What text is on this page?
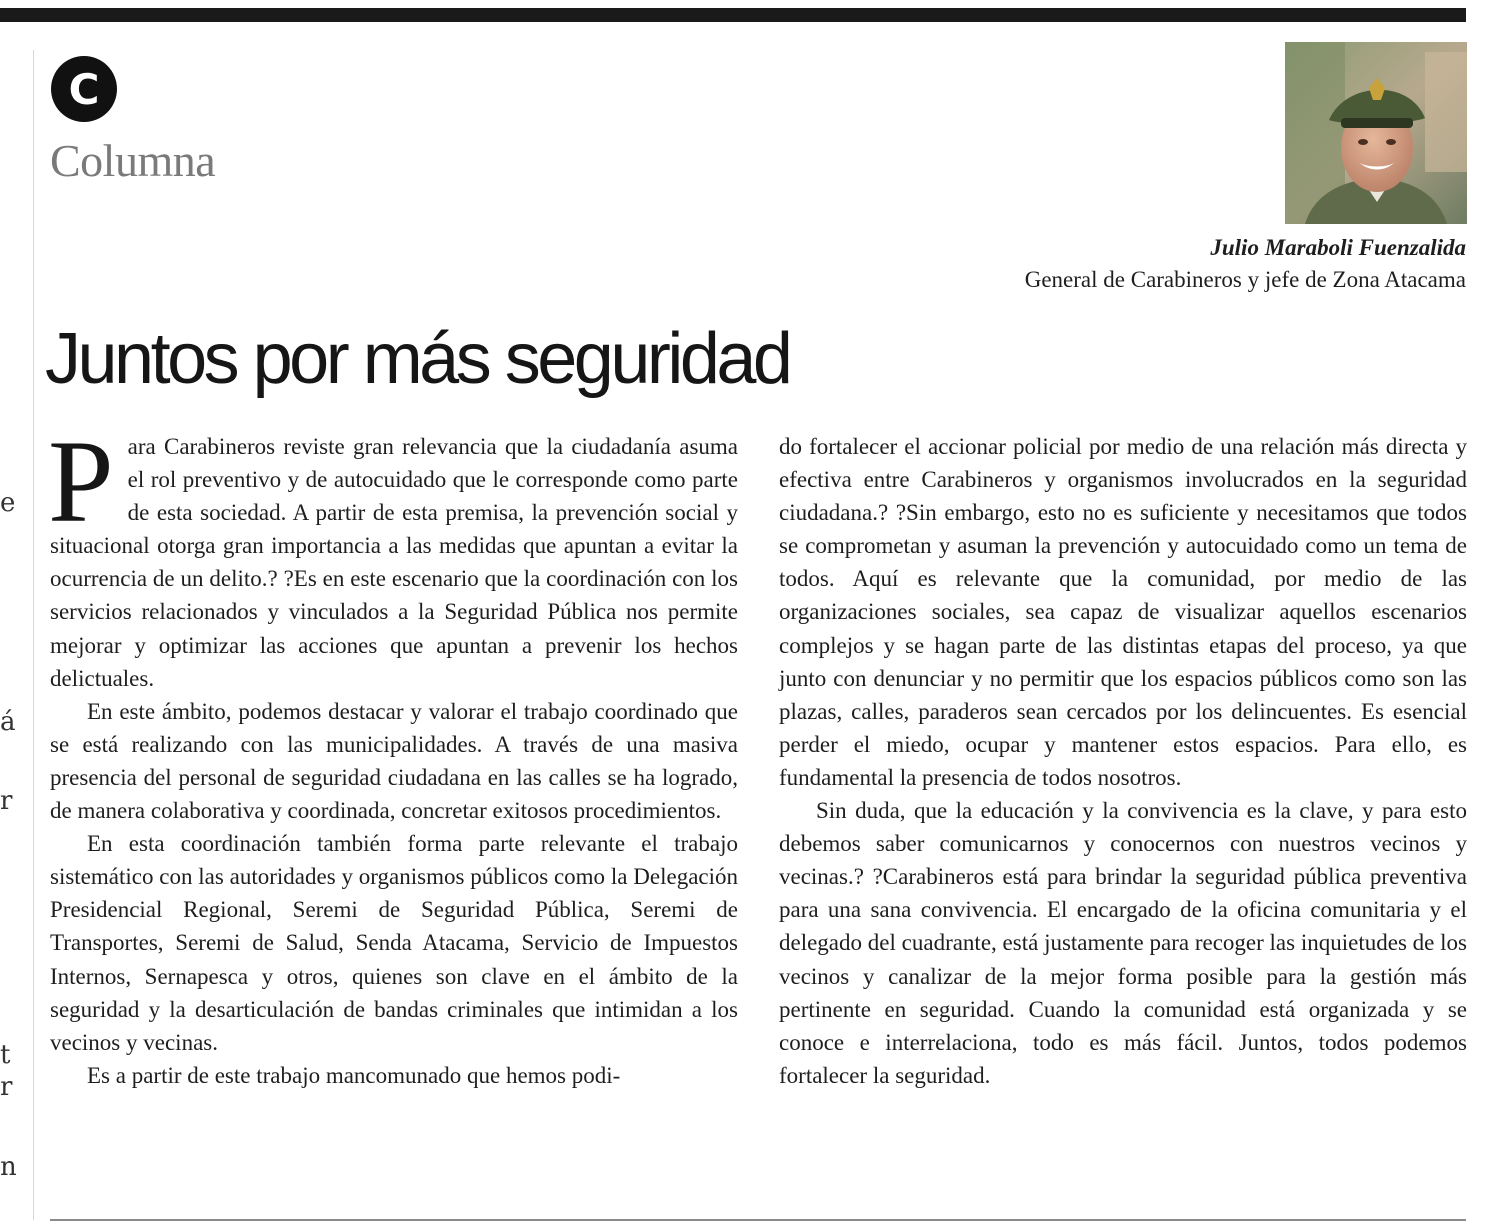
e
á
r
t
r
n
C
Columna
Julio Maraboli Fuenzalida
General de Carabineros y jefe de Zona Atacama
Juntos por más seguridad

Para Carabineros reviste gran relevancia que la ciudadanía asuma el rol preventivo y de autocuidado que le corresponde como parte de esta sociedad. A partir de esta premisa, la prevención social y situacional otorga gran importancia a las medidas que apuntan a evitar la ocurrencia de un delito.? ?Es en este escenario que la coordinación con los servicios relacionados y vinculados a la Seguridad Pública nos permite mejorar y optimizar las acciones que apuntan a prevenir los hechos delictuales.

En este ámbito, podemos destacar y valorar el trabajo coordinado que se está realizando con las municipalidades. A través de una masiva presencia del personal de seguridad ciudadana en las calles se ha logrado, de manera colaborativa y coordinada, concretar exitosos procedimientos.

En esta coordinación también forma parte relevante el trabajo sistemático con las autoridades y organismos públicos como la Delegación Presidencial Regional, Seremi de Seguridad Pública, Seremi de Transportes, Seremi de Salud, Senda Atacama, Servicio de Impuestos Internos, Sernapesca y otros, quienes son clave en el ámbito de la seguridad y la desarticulación de bandas criminales que intimidan a los vecinos y vecinas.

Es a partir de este trabajo mancomunado que hemos podi-

do fortalecer el accionar policial por medio de una relación más directa y efectiva entre Carabineros y organismos involucrados en la seguridad ciudadana.? ?Sin embargo, esto no es suficiente y necesitamos que todos se comprometan y asuman la prevención y autocuidado como un tema de todos. Aquí es relevante que la comunidad, por medio de las organizaciones sociales, sea capaz de visualizar aquellos escenarios complejos y se hagan parte de las distintas etapas del proceso, ya que junto con denunciar y no permitir que los espacios públicos como son las plazas, calles, paraderos sean cercados por los delincuentes. Es esencial perder el miedo, ocupar y mantener estos espacios. Para ello, es fundamental la presencia de todos nosotros.

Sin duda, que la educación y la convivencia es la clave, y para esto debemos saber comunicarnos y conocernos con nuestros vecinos y vecinas.? ?Carabineros está para brindar la seguridad pública preventiva para una sana convivencia. El encargado de la oficina comunitaria y el delegado del cuadrante, está justamente para recoger las inquietudes de los vecinos y canalizar de la mejor forma posible para la gestión más pertinente en seguridad. Cuando la comunidad está organizada y se conoce e interrelaciona, todo es más fácil. Juntos, todos podemos fortalecer la seguridad.
